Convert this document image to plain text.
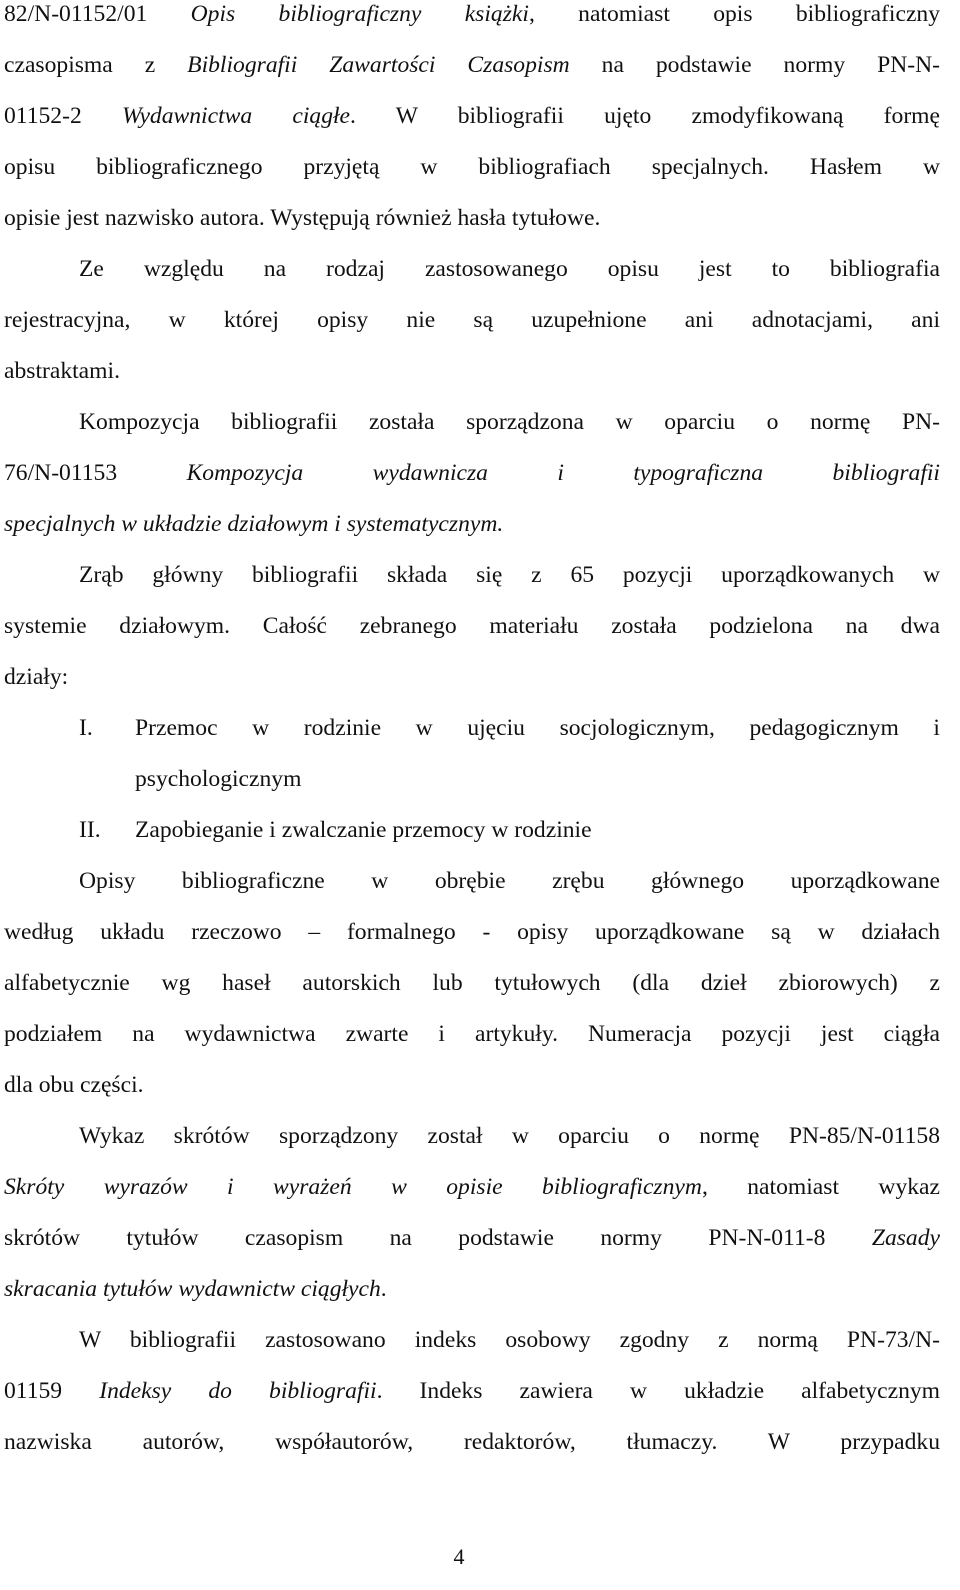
82/N-01152/01 Opis bibliograficzny książki, natomiast opis bibliograficzny
czasopisma z Bibliografii Zawartości Czasopism na podstawie normy PN-N-
01152-2 Wydawnictwa ciągłe. W bibliografii ujęto zmodyfikowaną formę
opisu bibliograficznego przyjętą w bibliografiach specjalnych. Hasłem w
opisie jest nazwisko autora. Występują również hasła tytułowe.
Ze względu na rodzaj zastosowanego opisu jest to bibliografia
rejestracyjna, w której opisy nie są uzupełnione ani adnotacjami, ani
abstraktami.
Kompozycja bibliografii została sporządzona w oparciu o normę PN-
76/N-01153 Kompozycja wydawnicza i typograficzna bibliografii
specjalnych w układzie działowym i systematycznym.
Zrąb główny bibliografii składa się z 65 pozycji uporządkowanych w
systemie działowym. Całość zebranego materiału została podzielona na dwa
działy:
I. Przemoc w rodzinie w ujęciu socjologicznym, pedagogicznym i
psychologicznym
II. Zapobieganie i zwalczanie przemocy w rodzinie
Opisy bibliograficzne w obrębie zrębu głównego uporządkowane
według układu rzeczowo – formalnego - opisy uporządkowane są w działach
alfabetycznie wg haseł autorskich lub tytułowych (dla dzieł zbiorowych) z
podziałem na wydawnictwa zwarte i artykuły. Numeracja pozycji jest ciągła
dla obu części.
Wykaz skrótów sporządzony został w oparciu o normę PN-85/N-01158
Skróty wyrazów i wyrażeń w opisie bibliograficznym, natomiast wykaz
skrótów tytułów czasopism na podstawie normy PN-N-011-8 Zasady
skracania tytułów wydawnictw ciągłych.
W bibliografii zastosowano indeks osobowy zgodny z normą PN-73/N-
01159 Indeksy do bibliografii. Indeks zawiera w układzie alfabetycznym
nazwiska autorów, współautorów, redaktorów, tłumaczy. W przypadku
4
